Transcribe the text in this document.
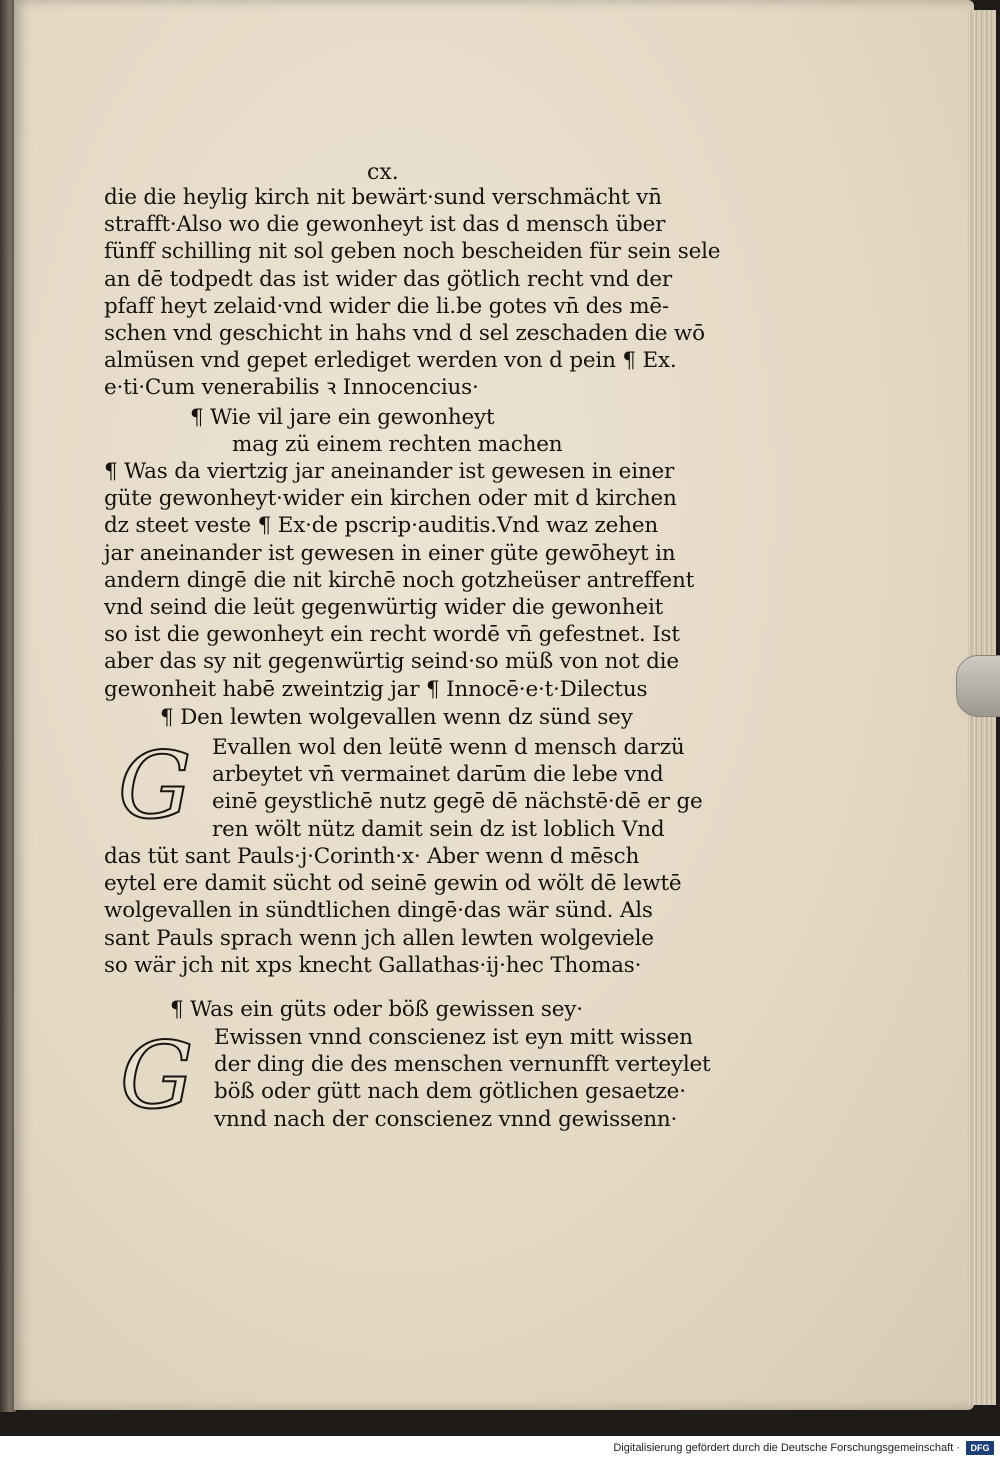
cx.
die die heylig kirch nit bewärt·sund verschmächt vn̄
strafft·Also wo die gewonheyt ist das d mensch über
fünff schilling nit sol geben noch bescheiden für sein sele
an dē todpedt das ist wider das götlich recht vnd der
pfaff heyt zelaid·vnd wider die li.be gotes vn̄ des mē-
schen vnd geschicht in hahs vnd d sel zeschaden die wō
almüsen vnd gepet erlediget werden von d pein ¶ Ex.
e·ti·Cum venerabilis ꝛ Innocencius·
¶ Wie vil jare ein gewonheyt
mag zü einem rechten machen
¶ Was da viertzig jar aneinander ist gewesen in einer
güte gewonheyt·wider ein kirchen oder mit d kirchen
dz steet veste ¶ Ex·de pscrip·auditis.Vnd waz zehen
jar aneinander ist gewesen in einer güte gewōheyt in
andern dingē die nit kirchē noch gotzheüser antreffent
vnd seind die leüt gegenwürtig wider die gewonheit
so ist die gewonheyt ein recht wordē vn̄ gefestnet. Ist
aber das sy nit gegenwürtig seind·so müß von not die
gewonheit habē zweintzig jar ¶ Innocē·e·t·Dilectus
¶ Den lewten wolgevallen wenn dz sünd sey
G Evallen wol den leütē wenn d mensch darzü
arbeytet vn̄ vermainet darūm die lebe vnd
einē geystlichē nutz gegē dē nächstē·dē er ge
ren wölt nütz damit sein dz ist loblich Vnd
das tüt sant Pauls·j·Corinth·x· Aber wenn d mēsch
eytel ere damit sücht od seinē gewin od wölt dē lewtē
wolgevallen in sündtlichen dingē·das wär sünd. Als
sant Pauls sprach wenn jch allen lewten wolgeviele
so wär jch nit xps knecht Gallathas·ij·hec Thomas·
¶ Was ein güts oder böß gewissen sey·
G Ewissen vnnd conscienez ist eyn mitt wissen
der ding die des menschen vernunfft verteylet
böß oder gütt nach dem götlichen gesaetze·
vnnd nach der conscienez vnnd gewissenn·
Digitalisierung gefördert durch die Deutsche Forschungsgemeinschaft ·	DFG
